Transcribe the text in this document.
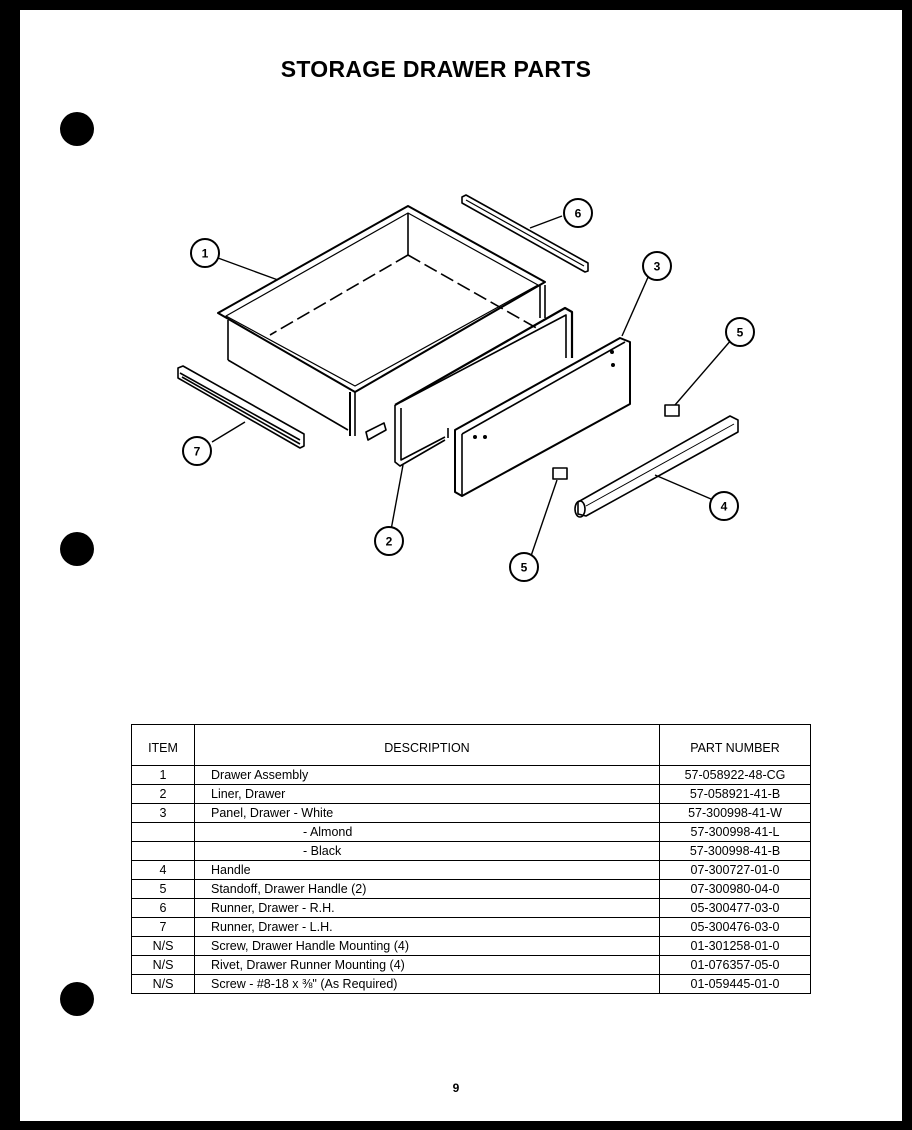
STORAGE DRAWER PARTS
1
6
3
5
4
5
2
7
ITEM	DESCRIPTION	PART NUMBER
1	Drawer Assembly	57-058922-48-CG
2	Liner, Drawer	57-058921-41-B
3	Panel, Drawer - White	57-300998-41-W
	- Almond	57-300998-41-L
	- Black	57-300998-41-B
4	Handle	07-300727-01-0
5	Standoff, Drawer Handle (2)	07-300980-04-0
6	Runner, Drawer - R.H.	05-300477-03-0
7	Runner, Drawer - L.H.	05-300476-03-0
N/S	Screw, Drawer Handle Mounting (4)	01-301258-01-0
N/S	Rivet, Drawer Runner Mounting (4)	01-076357-05-0
N/S	Screw - #8-18 x ⅜" (As Required)	01-059445-01-0
9
